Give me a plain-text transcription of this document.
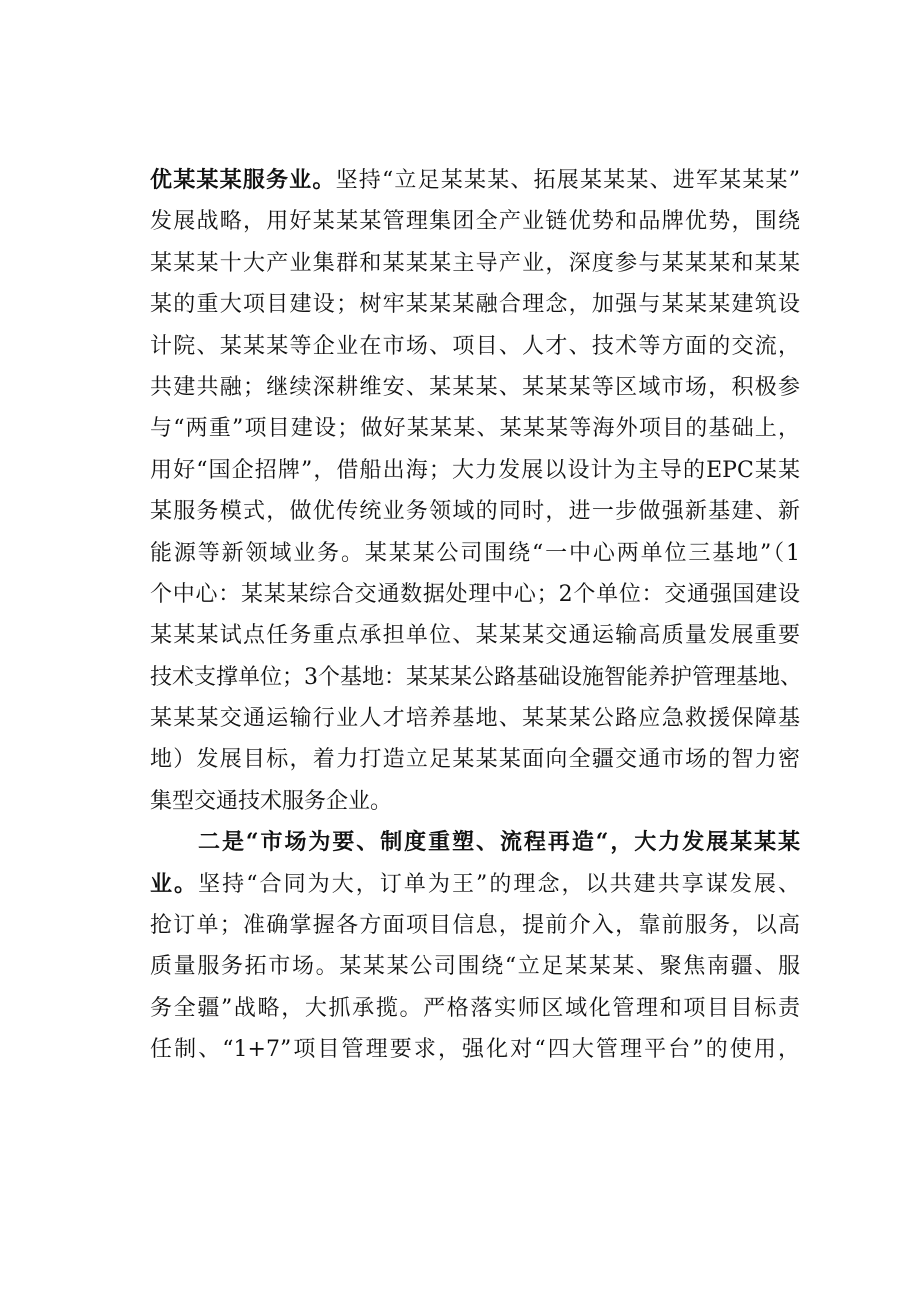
优某某某服务业。坚持“立足某某某、拓展某某某、进军某某某”
发展战略，用好某某某管理集团全产业链优势和品牌优势，围绕
某某某十大产业集群和某某某主导产业，深度参与某某某和某某
某的重大项目建设；树牢某某某融合理念，加强与某某某建筑设
计院、某某某等企业在市场、项目、人才、技术等方面的交流，
共建共融；继续深耕维安、某某某、某某某等区域市场，积极参
与“两重”项目建设；做好某某某、某某某等海外项目的基础上，
用好“国企招牌”，借船出海；大力发展以设计为主导的EPC某某
某服务模式，做优传统业务领域的同时，进一步做强新基建、新
能源等新领域业务。某某某公司围绕“一中心两单位三基地”（1
个中心：某某某综合交通数据处理中心；2个单位：交通强国建设
某某某试点任务重点承担单位、某某某交通运输高质量发展重要
技术支撑单位；3个基地：某某某公路基础设施智能养护管理基地、
某某某交通运输行业人才培养基地、某某某公路应急救援保障基
地）发展目标，着力打造立足某某某面向全疆交通市场的智力密
集型交通技术服务企业。
二是“市场为要、制度重塑、流程再造“，大力发展某某某
业。坚持“合同为大，订单为王”的理念，以共建共享谋发展、
抢订单；准确掌握各方面项目信息，提前介入，靠前服务，以高
质量服务拓市场。某某某公司围绕“立足某某某、聚焦南疆、服
务全疆”战略，大抓承揽。严格落实师区域化管理和项目目标责
任制、“1+7”项目管理要求，强化对“四大管理平台”的使用，
